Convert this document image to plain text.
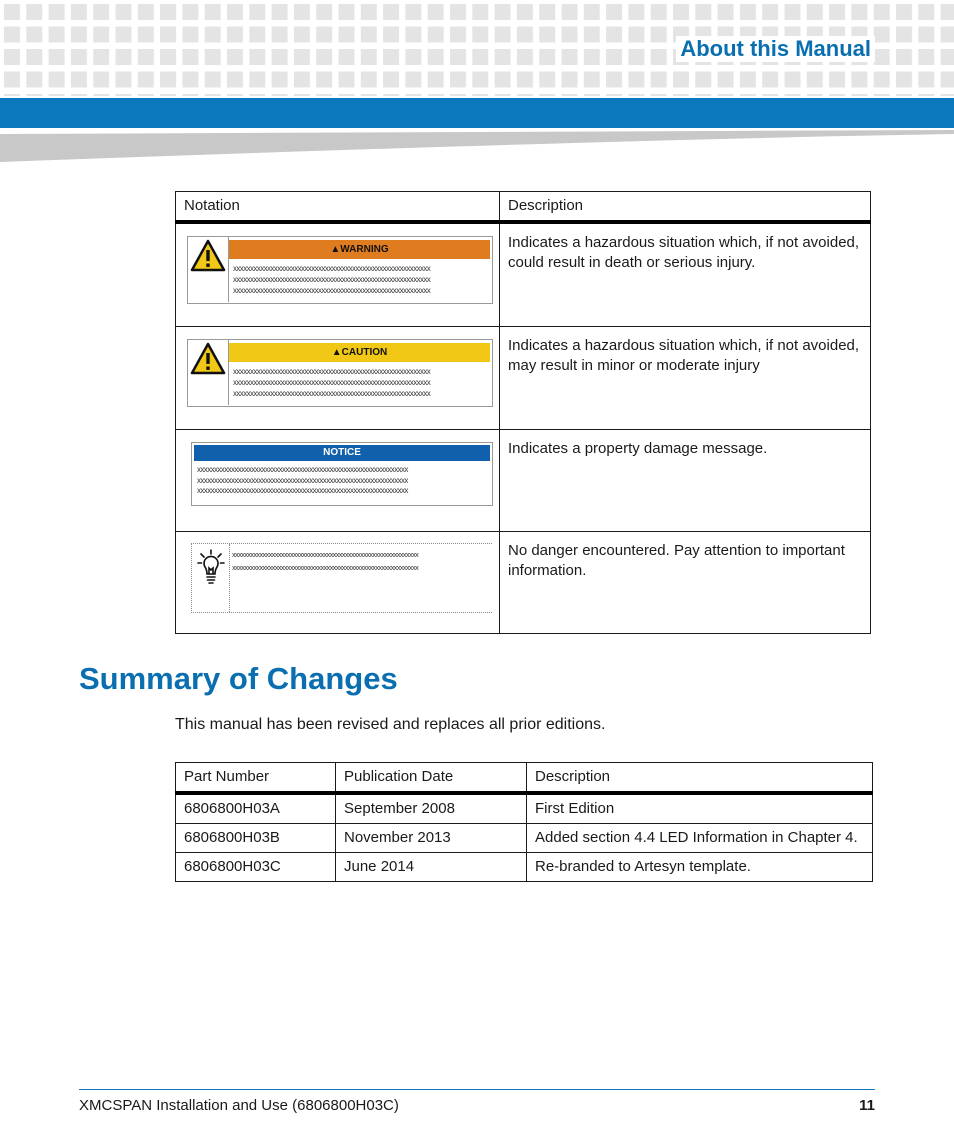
About this Manual
Notation	Description

▲WARNING
xxxxxxxxxxxxxxxxxxxxxxxxxxxxxxxxxxxxxxxxxxxxxxxxxxxxxxxxxx
xxxxxxxxxxxxxxxxxxxxxxxxxxxxxxxxxxxxxxxxxxxxxxxxxxxxxxxxxx
xxxxxxxxxxxxxxxxxxxxxxxxxxxxxxxxxxxxxxxxxxxxxxxxxxxxxxxxxx	Indicates a hazardous situation which, if not avoided, could result in death or serious injury.

▲CAUTION
xxxxxxxxxxxxxxxxxxxxxxxxxxxxxxxxxxxxxxxxxxxxxxxxxxxxxxxxxx
xxxxxxxxxxxxxxxxxxxxxxxxxxxxxxxxxxxxxxxxxxxxxxxxxxxxxxxxxx
xxxxxxxxxxxxxxxxxxxxxxxxxxxxxxxxxxxxxxxxxxxxxxxxxxxxxxxxxx	Indicates a hazardous situation which, if not avoided, may result in minor or moderate injury

NOTICE
xxxxxxxxxxxxxxxxxxxxxxxxxxxxxxxxxxxxxxxxxxxxxxxxxxxxxxxxxxxxxx
xxxxxxxxxxxxxxxxxxxxxxxxxxxxxxxxxxxxxxxxxxxxxxxxxxxxxxxxxxxxxx
xxxxxxxxxxxxxxxxxxxxxxxxxxxxxxxxxxxxxxxxxxxxxxxxxxxxxxxxxxxxxx	Indicates a property damage message.

xxxxxxxxxxxxxxxxxxxxxxxxxxxxxxxxxxxxxxxxxxxxxxxxxxxxxxxxxxxxx
xxxxxxxxxxxxxxxxxxxxxxxxxxxxxxxxxxxxxxxxxxxxxxxxxxxxxxxxxxxxx	No danger encountered. Pay attention to important information.
Summary of Changes

This manual has been revised and replaces all prior editions.

Part Number	Publication Date	Description
6806800H03A	September 2008	First Edition
6806800H03B	November 2013	Added section 4.4 LED Information in Chapter 4.
6806800H03C	June 2014	Re-branded to Artesyn template.
XMCSPAN Installation and Use (6806800H03C)	11
